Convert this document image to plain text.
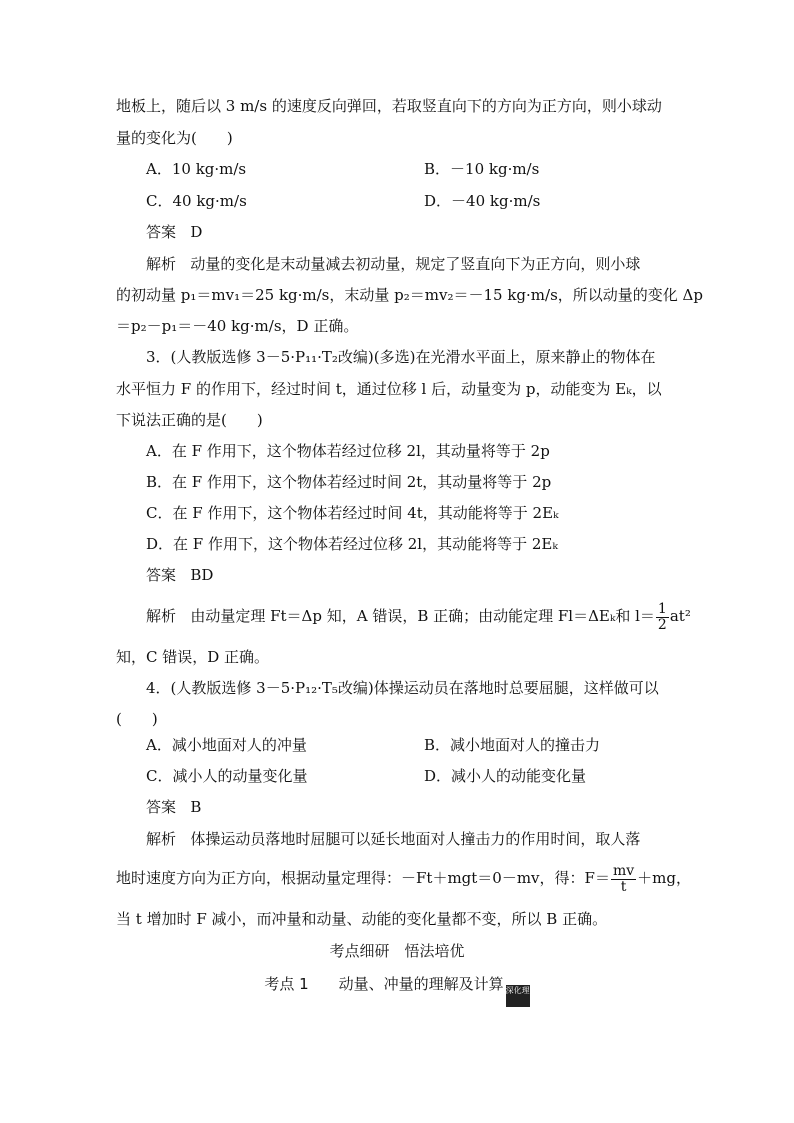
地板上，随后以 3 m/s 的速度反向弹回，若取竖直向下的方向为正方向，则小球动
量的变化为(　　)
A．10 kg·m/s	B．－10 kg·m/s
C．40 kg·m/s	D．－40 kg·m/s
答案 D
解析 动量的变化是末动量减去初动量，规定了竖直向下为正方向，则小球
的初动量 p₁＝mv₁＝25 kg·m/s，末动量 p₂＝mv₂＝－15 kg·m/s，所以动量的变化 Δp
＝p₂－p₁＝－40 kg·m/s，D 正确。
3．(人教版选修 3－5·P₁₁·T₂改编)(多选)在光滑水平面上，原来静止的物体在
水平恒力 F 的作用下，经过时间 t，通过位移 l 后，动量变为 p，动能变为 Eₖ，以
下说法正确的是(　　)
A．在 F 作用下，这个物体若经过位移 2l，其动量将等于 2p
B．在 F 作用下，这个物体若经过时间 2t，其动量将等于 2p
C．在 F 作用下，这个物体若经过时间 4t，其动能将等于 2Eₖ
D．在 F 作用下，这个物体若经过位移 2l，其动能将等于 2Eₖ
答案 BD
解析 由动量定理 Ft＝Δp 知，A 错误，B 正确；由动能定理 Fl＝ΔEₖ和 $l= \frac{1}{2} at^2$
知，C 错误，D 正确。
4．(人教版选修 3－5·P₁₂·T₅改编)体操运动员在落地时总要屈腿，这样做可以
(　　)
A．减小地面对人的冲量	B．减小地面对人的撞击力
C．减小人的动量变化量	D．减小人的动能变化量
答案 B
解析 体操运动员落地时屈腿可以延长地面对人撞击力的作用时间，取人落
地时速度方向为正方向，根据动量定理得：－Ft＋mgt＝0－mv，得：$F= \frac{mv}{t} +mg$，
当 t 增加时 F 减小，而冲量和动量、动能的变化量都不变，所以 B 正确。
考点细研　悟法培优
考点 1　　动量、冲量的理解及计算 深化理解
